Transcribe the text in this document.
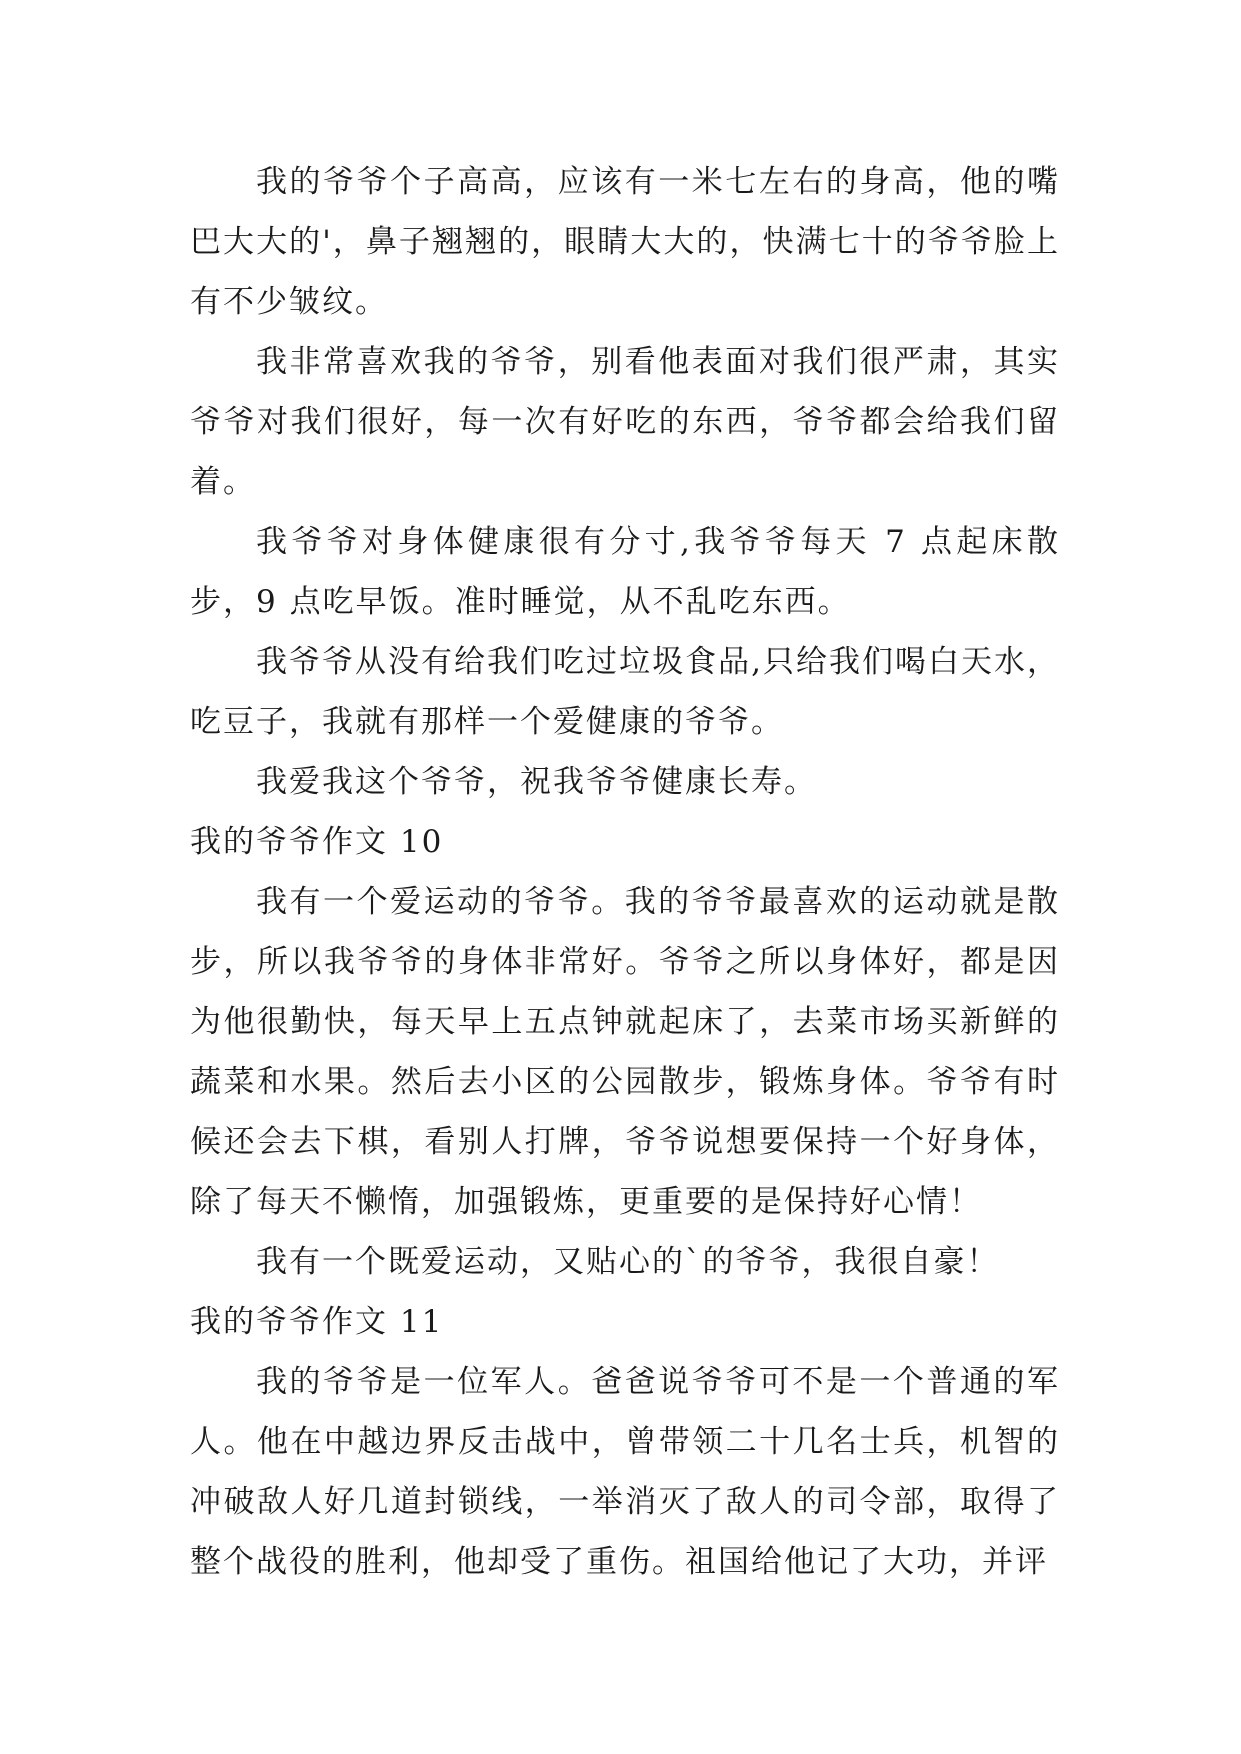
我的爷爷个子高高，应该有一米七左右的身高，他的嘴巴大大的'，鼻子翘翘的，眼睛大大的，快满七十的爷爷脸上有不少皱纹。

我非常喜欢我的爷爷，别看他表面对我们很严肃，其实爷爷对我们很好，每一次有好吃的东西，爷爷都会给我们留着。

我爷爷对身体健康很有分寸,我爷爷每天 7 点起床散步，9 点吃早饭。准时睡觉，从不乱吃东西。

我爷爷从没有给我们吃过垃圾食品,只给我们喝白天水，吃豆子，我就有那样一个爱健康的爷爷。

我爱我这个爷爷，祝我爷爷健康长寿。

我的爷爷作文 10

我有一个爱运动的爷爷。我的爷爷最喜欢的运动就是散步，所以我爷爷的身体非常好。爷爷之所以身体好，都是因为他很勤快，每天早上五点钟就起床了，去菜市场买新鲜的蔬菜和水果。然后去小区的公园散步，锻炼身体。爷爷有时候还会去下棋，看别人打牌，爷爷说想要保持一个好身体，除了每天不懒惰，加强锻炼，更重要的是保持好心情！

我有一个既爱运动，又贴心的`的爷爷，我很自豪！

我的爷爷作文 11

我的爷爷是一位军人。爸爸说爷爷可不是一个普通的军人。他在中越边界反击战中，曾带领二十几名士兵，机智的冲破敌人好几道封锁线，一举消灭了敌人的司令部，取得了整个战役的胜利，他却受了重伤。祖国给他记了大功，并评
